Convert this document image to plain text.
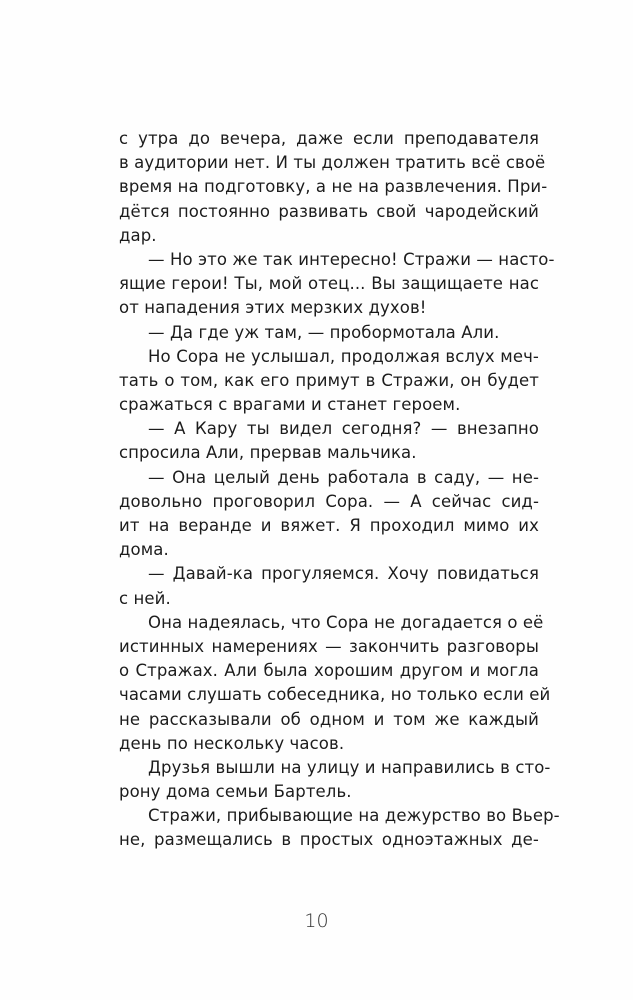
с утра до вечера, даже если преподавателя
в аудитории нет. И ты должен тратить всё своё
время на подготовку, а не на развлечения. При-
дётся постоянно развивать свой чародейский
дар.
— Но это же так интересно! Стражи — насто-
ящие герои! Ты, мой отец... Вы защищаете нас
от нападения этих мерзких духов!
— Да где уж там, — пробормотала Али.
Но Сора не услышал, продолжая вслух меч-
тать о том, как его примут в Стражи, он будет
сражаться с врагами и станет героем.
— А Кару ты видел сегодня? — внезапно
спросила Али, прервав мальчика.
— Она целый день работала в саду, — не-
довольно проговорил Сора. — А сейчас сид-
ит на веранде и вяжет. Я проходил мимо их
дома.
— Давай-ка прогуляемся. Хочу повидаться
с ней.
Она надеялась, что Сора не догадается о её
истинных намерениях — закончить разговоры
о Стражах. Али была хорошим другом и могла
часами слушать собеседника, но только если ей
не рассказывали об одном и том же каждый
день по нескольку часов.
Друзья вышли на улицу и направились в сто-
рону дома семьи Бартель.
Стражи, прибывающие на дежурство во Вьер-
не, размещались в простых одноэтажных де-
10
